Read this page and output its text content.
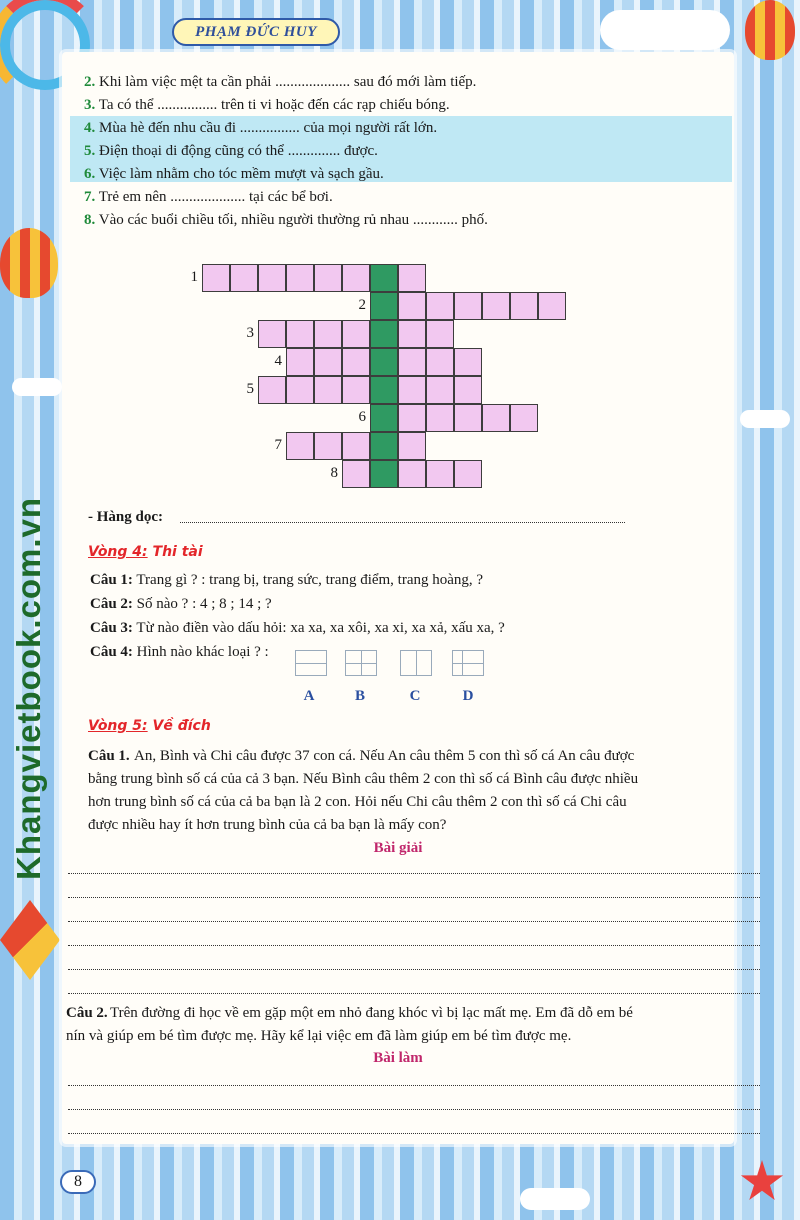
PHẠM ĐỨC HUY
Khangvietbook.com.vn
2. Khi làm việc mệt ta cần phải .................... sau đó mới làm tiếp.
3. Ta có thể ................ trên ti vi hoặc đến các rạp chiếu bóng.
4. Mùa hè đến nhu cầu đi ................ của mọi người rất lớn.
5. Điện thoại di động cũng có thể .............. được.
6. Việc làm nhằm cho tóc mềm mượt và sạch gầu.
7. Trẻ em nên .................... tại các bể bơi.
8. Vào các buổi chiều tối, nhiều người thường rủ nhau ............ phố.
1
2
3
4
5
6
7
8
- Hàng dọc:
Vòng 4: Thi tài
Câu 1: Trang gì ? : trang bị, trang sức, trang điểm, trang hoàng, ?
Câu 2: Số nào ? : 4 ; 8 ; 14 ; ?
Câu 3: Từ nào điền vào dấu hỏi: xa xa, xa xôi, xa xi, xa xả, xấu xa, ?
Câu 4: Hình nào khác loại ? :
A	B	C	D
Vòng 5: Về đích
Câu 1. An, Bình và Chi câu được 37 con cá. Nếu An câu thêm 5 con thì số cá An câu được
bằng trung bình số cá của cả 3 bạn. Nếu Bình câu thêm 2 con thì số cá Bình câu được nhiều
hơn trung bình số cá của cả ba bạn là 2 con. Hỏi nếu Chi câu thêm 2 con thì số cá Chi câu
được nhiều hay ít hơn trung bình của cả ba bạn là mấy con?
Bài giải
Câu 2. Trên đường đi học về em gặp một em nhỏ đang khóc vì bị lạc mất mẹ. Em đã dỗ em bé
nín và giúp em bé tìm được mẹ. Hãy kể lại việc em đã làm giúp em bé tìm được mẹ.
Bài làm
8
